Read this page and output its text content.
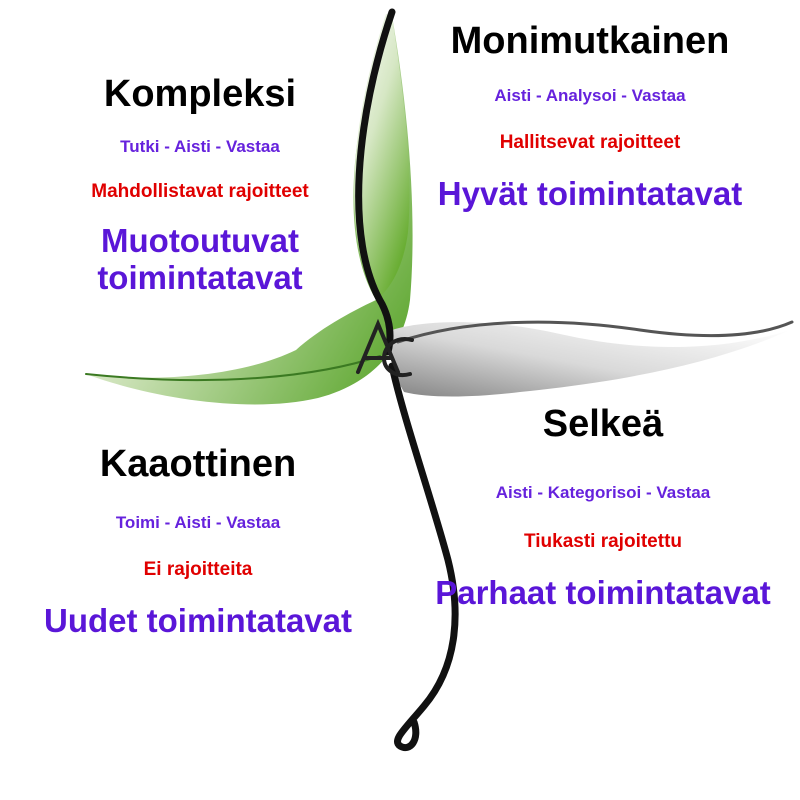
Kompleksi
Tutki - Aisti - Vastaa
Mahdollistavat rajoitteet
Muotoutuvat toimintatavat
Monimutkainen
Aisti - Analysoi - Vastaa
Hallitsevat rajoitteet
Hyvät toimintatavat
Kaaottinen
Toimi - Aisti - Vastaa
Ei rajoitteita
Uudet toimintatavat
Selkeä
Aisti - Kategorisoi - Vastaa
Tiukasti rajoitettu
Parhaat toimintatavat
